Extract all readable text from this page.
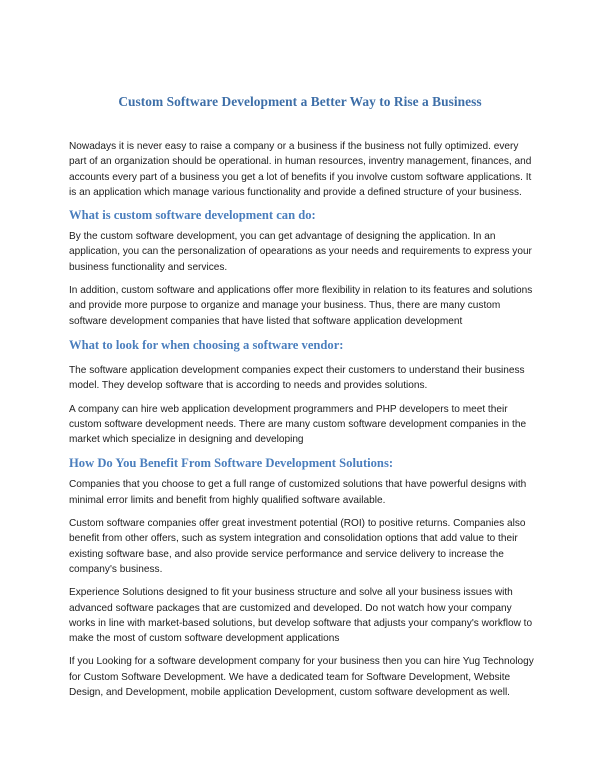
Custom Software Development a Better Way to Rise a Business

Nowadays it is never easy to raise a company or a business if the business not fully optimized. every part of an organization should be operational. in human resources, inventry management, finances, and accounts every part of a business you get a lot of benefits if you involve custom software applications. It is an application which manage various functionality and provide a defined structure of your business.

What is custom software development can do:

By the custom software development, you can get advantage of designing the application. In an application, you can the personalization of opearations as your needs and requirements to express your business functionality and services.

In addition, custom software and applications offer more flexibility in relation to its features and solutions and provide more purpose to organize and manage your business. Thus, there are many custom software development companies that have listed that software application development

What to look for when choosing a software vendor:

The software application development companies expect their customers to understand their business model. They develop software that is according to needs and provides solutions.

A company can hire web application development programmers and PHP developers to meet their custom software development needs. There are many custom software development companies in the market which specialize in designing and developing

How Do You Benefit From Software Development Solutions:

Companies that you choose to get a full range of customized solutions that have powerful designs with minimal error limits and benefit from highly qualified software available.

Custom software companies offer great investment potential (ROI) to positive returns. Companies also benefit from other offers, such as system integration and consolidation options that add value to their existing software base, and also provide service performance and service delivery to increase the company's business.

Experience Solutions designed to fit your business structure and solve all your business issues with advanced software packages that are customized and developed. Do not watch how your company works in line with market-based solutions, but develop software that adjusts your company's workflow to make the most of custom software development applications

If you Looking for a software development company for your business then you can hire Yug Technology for Custom Software Development. We have a dedicated team for Software Development, Website Design, and Development, mobile application Development, custom software development as well.
